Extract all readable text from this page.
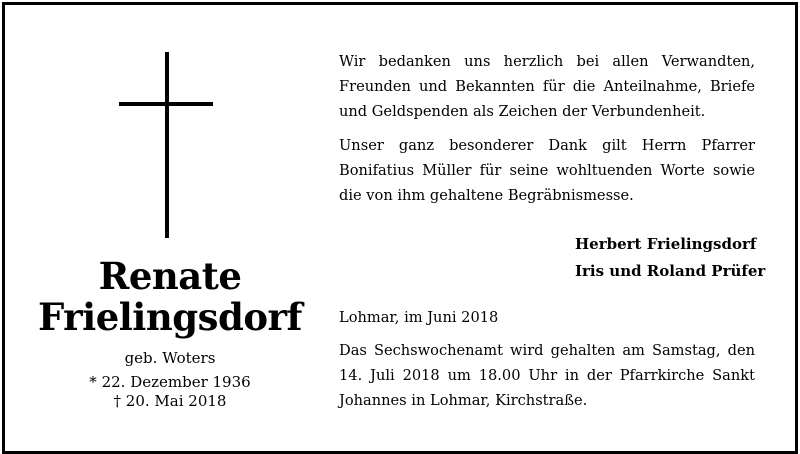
Renate
Frielingsdorf
geb. Woters
* 22. Dezember 1936
† 20. Mai 2018
Wir bedanken uns herzlich bei allen Verwandten, Freunden und Bekannten für die Anteilnahme, Briefe und Geldspenden als Zeichen der Verbundenheit.
Unser ganz besonderer Dank gilt Herrn Pfarrer Bonifatius Müller für seine wohltuenden Worte sowie die von ihm gehaltene Begräbnismesse.
Herbert Frielingsdorf
Iris und Roland Prüfer
Lohmar, im Juni 2018
Das Sechswochenamt wird gehalten am Samstag, den 14. Juli 2018 um 18.00 Uhr in der Pfarrkirche Sankt Johannes in Lohmar, Kirchstraße.
